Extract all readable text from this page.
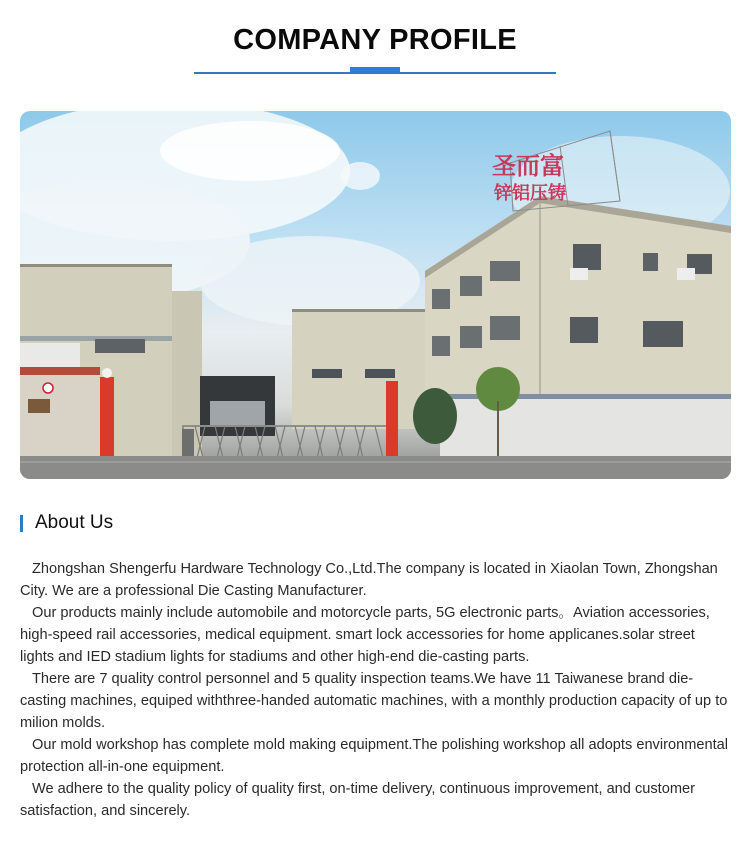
COMPANY PROFILE
圣而富
锌铝压铸
About Us

Zhongshan Shengerfu Hardware Technology Co.,Ltd.The company is located in Xiaolan Town, Zhongshan City. We are a professional Die Casting Manufacturer.

Our products mainly include automobile and motorcycle parts, 5G electronic parts。Aviation accessories, high-speed rail accessories, medical equipment. smart lock accessories for home applicanes.solar street lights and IED stadium lights for stadiums and other high-end die-casting parts.

There are 7 quality control personnel and 5 quality inspection teams.We have 11 Taiwanese brand die-casting machines, equiped withthree-handed automatic machines, with a monthly production capacity of up to milion molds.

Our mold workshop has complete mold making equipment.The polishing workshop all adopts environmental protection all-in-one equipment.

We adhere to the quality policy of quality first, on-time delivery, continuous improvement, and customer satisfaction, and sincerely.
